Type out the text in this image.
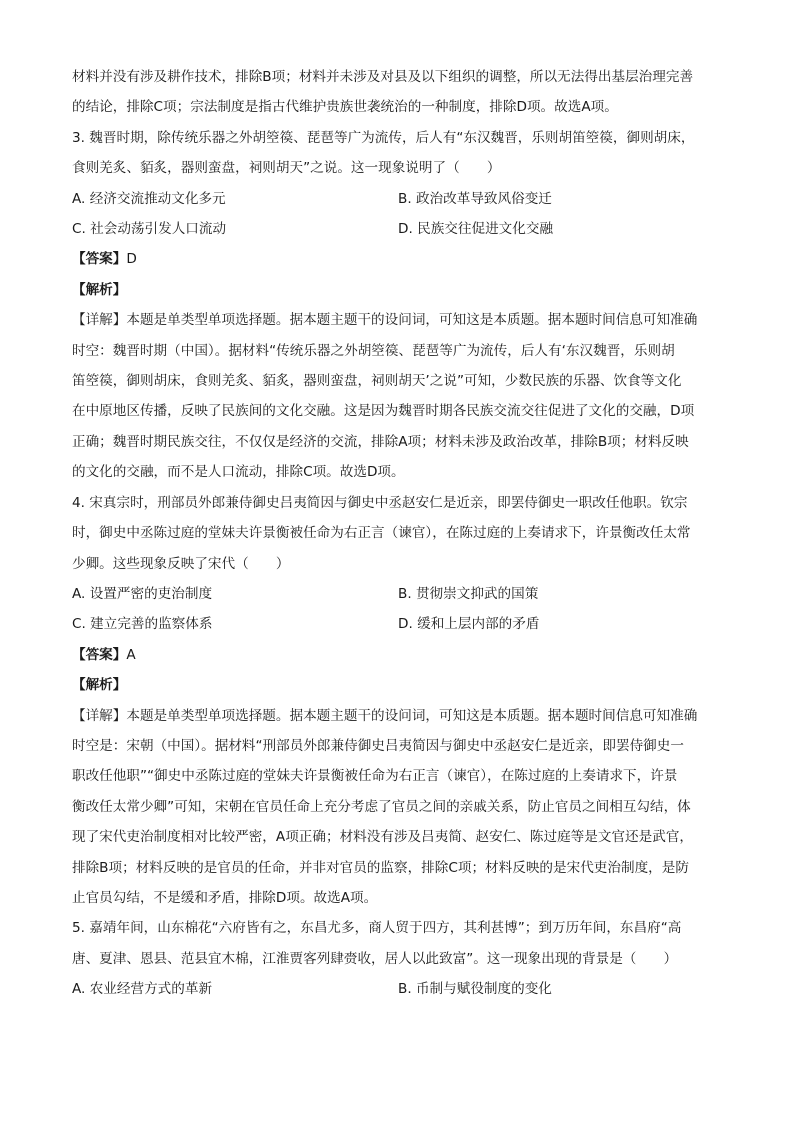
材料并没有涉及耕作技术，排除B项；材料并未涉及对县及以下组织的调整，所以无法得出基层治理完善

的结论，排除C项；宗法制度是指古代维护贵族世袭统治的一种制度，排除D项。故选A项。

3. 魏晋时期，除传统乐器之外胡箜篌、琵琶等广为流传，后人有“东汉魏晋，乐则胡笛箜篌，御则胡床，

食则羌炙、貊炙，器则蛮盘，祠则胡天”之说。这一现象说明了（　　）

A. 经济交流推动文化多元	B. 政治改革导致风俗变迁
C. 社会动荡引发人口流动	D. 民族交往促进文化交融
【答案】D
【解析】

【详解】本题是单类型单项选择题。据本题主题干的设问词，可知这是本质题。据本题时间信息可知准确

时空：魏晋时期（中国）。据材料“传统乐器之外胡箜篌、琵琶等广为流传，后人有‘东汉魏晋，乐则胡

笛箜篌，御则胡床，食则羌炙、貊炙，器则蛮盘，祠则胡天’之说”可知，少数民族的乐器、饮食等文化

在中原地区传播，反映了民族间的文化交融。这是因为魏晋时期各民族交流交往促进了文化的交融，D项

正确；魏晋时期民族交往，不仅仅是经济的交流，排除A项；材料未涉及政治改革，排除B项；材料反映

的文化的交融，而不是人口流动，排除C项。故选D项。

4. 宋真宗时，刑部员外郎兼侍御史吕夷简因与御史中丞赵安仁是近亲，即罢侍御史一职改任他职。钦宗

时，御史中丞陈过庭的堂妹夫许景衡被任命为右正言（谏官），在陈过庭的上奏请求下，许景衡改任太常

少卿。这些现象反映了宋代（　　）

A. 设置严密的吏治制度	B. 贯彻崇文抑武的国策
C. 建立完善的监察体系	D. 缓和上层内部的矛盾
【答案】A
【解析】

【详解】本题是单类型单项选择题。据本题主题干的设问词，可知这是本质题。据本题时间信息可知准确

时空是：宋朝（中国）。据材料“刑部员外郎兼侍御史吕夷简因与御史中丞赵安仁是近亲，即罢侍御史一

职改任他职”“御史中丞陈过庭的堂妹夫许景衡被任命为右正言（谏官），在陈过庭的上奏请求下，许景

衡改任太常少卿”可知，宋朝在官员任命上充分考虑了官员之间的亲戚关系，防止官员之间相互勾结，体

现了宋代吏治制度相对比较严密，A项正确；材料没有涉及吕夷简、赵安仁、陈过庭等是文官还是武官，

排除B项；材料反映的是官员的任命，并非对官员的监察，排除C项；材料反映的是宋代吏治制度，是防

止官员勾结，不是缓和矛盾，排除D项。故选A项。

5. 嘉靖年间，山东棉花“六府皆有之，东昌尤多，商人贸于四方，其利甚博”；到万历年间，东昌府“高

唐、夏津、恩县、范县宜木棉，江淮贾客列肆赍收，居人以此致富”。这一现象出现的背景是（　　）

A. 农业经营方式的革新	B. 币制与赋役制度的变化
